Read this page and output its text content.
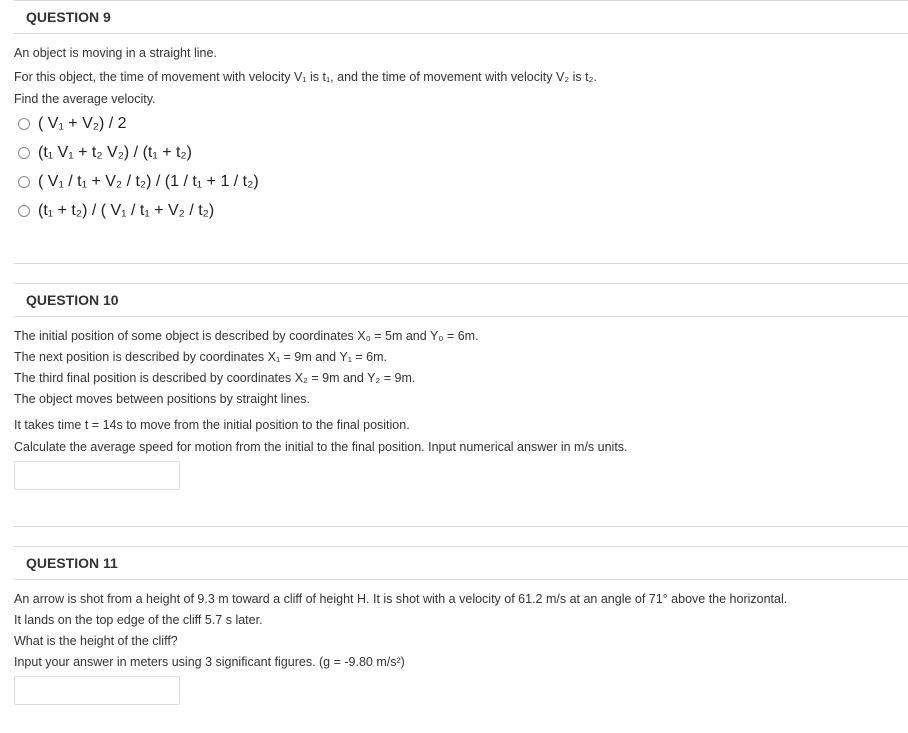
QUESTION 9
An object is moving in a straight line.
For this object, the time of movement with velocity V₁ is t₁, and the time of movement with velocity V₂ is t₂.
Find the average velocity.
( V₁ + V₂) / 2
(t₁ V₁ + t₂ V₂) / (t₁ + t₂)
( V₁ / t₁ + V₂ / t₂) / (1 / t₁ + 1 / t₂)
(t₁ + t₂) / ( V₁ / t₁ + V₂ / t₂)
QUESTION 10
The initial position of some object is described by coordinates X₀ = 5m and Y₀ = 6m.
The next position is described by coordinates X₁ = 9m and Y₁ = 6m.
The third final position is described by coordinates X₂ = 9m and Y₂ = 9m.
The object moves between positions by straight lines.
It takes time t = 14s to move from the initial position to the final position.
Calculate the average speed for motion from the initial to the final position. Input numerical answer in m/s units.
QUESTION 11
An arrow is shot from a height of 9.3 m toward a cliff of height H. It is shot with a velocity of 61.2 m/s at an angle of 71° above the horizontal.
It lands on the top edge of the cliff 5.7 s later.
What is the height of the cliff?
Input your answer in meters using 3 significant figures. (g = -9.80 m/s²)
